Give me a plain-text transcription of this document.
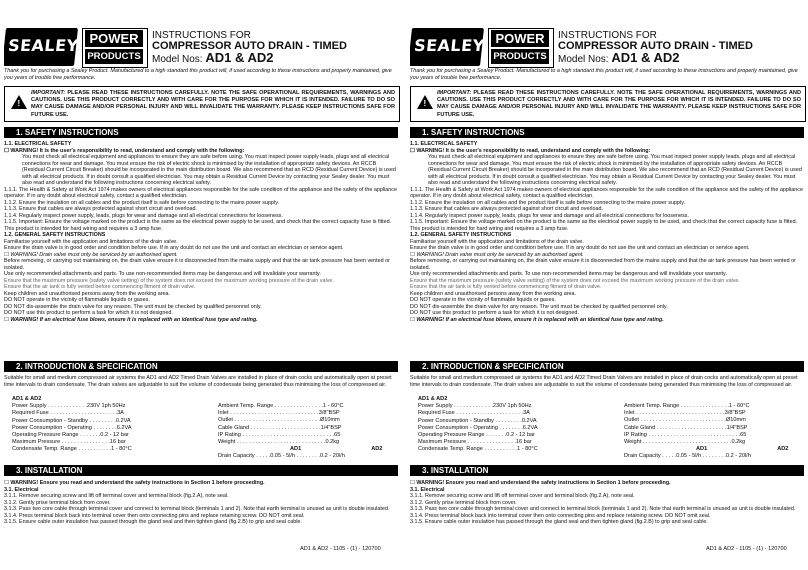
SEALEY POWER
PRODUCTS
INSTRUCTIONS FOR
COMPRESSOR AUTO DRAIN - TIMED
Model Nos: AD1 & AD2
Thank you for purchasing a Sealey Product. Manufactured to a high standard this product will, if used according to these instructions and properly maintained, give you years of trouble free performance.
!
IMPORTANT: PLEASE READ THESE INSTRUCTIONS CAREFULLY. NOTE THE SAFE OPERATIONAL REQUIREMENTS, WARNINGS AND CAUTIONS. USE THIS PRODUCT CORRECTLY AND WITH CARE FOR THE PURPOSE FOR WHICH IT IS INTENDED. FAILURE TO DO SO MAY CAUSE DAMAGE AND/OR PERSONAL INJURY AND WILL INVALIDATE THE WARRANTY. PLEASE KEEP INSTRUCTIONS SAFE FOR FUTURE USE.
1. SAFETY INSTRUCTIONS

1.1. ELECTRICAL SAFETY

☐ WARNING! It is the user's responsibility to read, understand and comply with the following:

You must check all electrical equipment and appliances to ensure they are safe before using. You must inspect power supply leads, plugs and all electrical connections for wear and damage. You must ensure the risk of electric shock is minimised by the installation of appropriate safety devices. An RCCB (Residual Current Circuit Breaker) should be incorporated in the main distribution board. We also recommend that an RCD (Residual Current Device) is used with all electrical products. If in doubt consult a qualified electrician. You may obtain a Residual Current Device by contacting your Sealey dealer. You must also read and understand the following instructions concerning electrical safety.

1.1.1. The Health & Safety at Work Act 1974 makes owners of electrical appliances responsible for the safe condition of the appliance and the safety of the appliance operator. If in any doubt about electrical safety, contact a qualified electrician.

1.1.2. Ensure the insulation on all cables and the product itself is safe before connecting to the mains power supply.

1.1.3. Ensure that cables are always protected against short circuit and overload.

1.1.4. Regularly inspect power supply, leads, plugs for wear and damage and all electrical connections for looseness.

1.1.5. Important: Ensure the voltage marked on the product is the same as the electrical power supply to be used, and check that the correct capacity fuse is fitted. This product is intended for hard wiring and requires a 3 amp fuse.

1.2. GENERAL SAFETY INSTRUCTIONS

Familiarise yourself with the application and limitations of the drain valve.

Ensure the drain valve is in good order and condition before use. If in any doubt do not use the unit and contact an electrician or service agent.

☐ WARNING! Drain valve must only be serviced by an authorised agent.

Before removing, or carrying out maintaining on, the drain valve ensure it is disconnected from the mains supply and that the air tank pressure has been vented or isolated.

Use only recommended attachments and parts. To use non-recommended items may be dangerous and will invalidate your warranty.

Ensure that the maximum pressure (safety valve setting) of the system does not exceed the maximum working pressure of the drain valve.

Ensure that the air tank is fully vented before commencing fitment of drain valve.

Keep children and unauthorised persons away from the working area.

DO NOT operate in the vicinity of flammable liquids or gases.

DO NOT dis-assemble the drain valve for any reason. The unit must be checked by qualified personnel only.

DO NOT use this product to perform a task for which it is not designed.

☐ WARNING! If an electrical fuse blows, ensure it is replaced with an identical fuse type and rating.

2. INTRODUCTION & SPECIFICATION
Suitable for small and medium compressed air systems the AD1 and AD2 Timed Drain Valves are installed in place of drain cocks and automatically open at preset time intervals to drain condensate. The drain valves are adjustable to suit the volume of condensate being generated thus minimising the loss of compressed air.
AD1 & AD2
Power Supply . . . . . . . . . . . . .230V 1ph 50Hz
Required Fuse . . . . . . . . . . . . . . . . . . . . . .3A
Power Consumption - Standby . . . . . . . . .0.2VA
Power Consumption - Operating . . . . . . . .6.2VA
Operating Pressure Range . . . . . . .0.2 - 12 bar
Maximum Pressure . . . . . . . . . . . . . . . .16 bar
Condensate Temp. Range . . . . . . . . . . .1 - 80°C
Ambient Temp. Range . . . . . . . . . . . . . . . .1 - 60°C
Inlet . . . . . . . . . . . . . . . . . . . . . . . . . . . . .3/8"BSP
Outlet . . . . . . . . . . . . . . . . . . . . . . . . . . . .Ø10mm
Cable Gland . . . . . . . . . . . . . . . . . . . . . . .1/4"BSP
IP Rating . . . . . . . . . . . . . . . . . . . . . . . . . . . . . .65
Weight . . . . . . . . . . . . . . . . . . . . . . . . . . . . .0.2kg
AD1	AD2
Drain Capacity . . . . .0.05 - 5l/h . . . . . . . .0.2 - 20l/h
3. INSTALLATION

☐ WARNING! Ensure you read and understand the safety instructions in Section 1 before proceeding.

3.1. Electrical

3.1.1. Remove securing screw and lift off terminal cover and terminal block (fig.2.A), note seal.

3.1.2. Gently prise terminal block from cover.

3.1.3. Pass two core cable through terminal cover and connect to terminal block (terminals 1 and 2). Note that earth terminal is unused as unit is double insulated.

3.1.4. Press terminal block back into terminal cover then onto connecting pins and replace retaining screw. DO NOT omit seal.

3.1.5. Ensure cable outer insulation has passed through the gland seal and then tighten gland (fig.2.B) to grip and seal cable.

AD1 & AD2 - 1105 - (1) - 120700
SEALEY POWER
PRODUCTS
INSTRUCTIONS FOR
COMPRESSOR AUTO DRAIN - TIMED
Model Nos: AD1 & AD2
Thank you for purchasing a Sealey Product. Manufactured to a high standard this product will, if used according to these instructions and properly maintained, give you years of trouble free performance.
!
IMPORTANT: PLEASE READ THESE INSTRUCTIONS CAREFULLY. NOTE THE SAFE OPERATIONAL REQUIREMENTS, WARNINGS AND CAUTIONS. USE THIS PRODUCT CORRECTLY AND WITH CARE FOR THE PURPOSE FOR WHICH IT IS INTENDED. FAILURE TO DO SO MAY CAUSE DAMAGE AND/OR PERSONAL INJURY AND WILL INVALIDATE THE WARRANTY. PLEASE KEEP INSTRUCTIONS SAFE FOR FUTURE USE.
1. SAFETY INSTRUCTIONS

1.1. ELECTRICAL SAFETY

☐ WARNING! It is the user's responsibility to read, understand and comply with the following:

You must check all electrical equipment and appliances to ensure they are safe before using. You must inspect power supply leads, plugs and all electrical connections for wear and damage. You must ensure the risk of electric shock is minimised by the installation of appropriate safety devices. An RCCB (Residual Current Circuit Breaker) should be incorporated in the main distribution board. We also recommend that an RCD (Residual Current Device) is used with all electrical products. If in doubt consult a qualified electrician. You may obtain a Residual Current Device by contacting your Sealey dealer. You must also read and understand the following instructions concerning electrical safety.

1.1.1. The Health & Safety at Work Act 1974 makes owners of electrical appliances responsible for the safe condition of the appliance and the safety of the appliance operator. If in any doubt about electrical safety, contact a qualified electrician.

1.1.2. Ensure the insulation on all cables and the product itself is safe before connecting to the mains power supply.

1.1.3. Ensure that cables are always protected against short circuit and overload.

1.1.4. Regularly inspect power supply, leads, plugs for wear and damage and all electrical connections for looseness.

1.1.5. Important: Ensure the voltage marked on the product is the same as the electrical power supply to be used, and check that the correct capacity fuse is fitted. This product is intended for hard wiring and requires a 3 amp fuse.

1.2. GENERAL SAFETY INSTRUCTIONS

Familiarise yourself with the application and limitations of the drain valve.

Ensure the drain valve is in good order and condition before use. If in any doubt do not use the unit and contact an electrician or service agent.

☐ WARNING! Drain valve must only be serviced by an authorised agent.

Before removing, or carrying out maintaining on, the drain valve ensure it is disconnected from the mains supply and that the air tank pressure has been vented or isolated.

Use only recommended attachments and parts. To use non-recommended items may be dangerous and will invalidate your warranty.

Ensure that the maximum pressure (safety valve setting) of the system does not exceed the maximum working pressure of the drain valve.

Ensure that the air tank is fully vented before commencing fitment of drain valve.

Keep children and unauthorised persons away from the working area.

DO NOT operate in the vicinity of flammable liquids or gases.

DO NOT dis-assemble the drain valve for any reason. The unit must be checked by qualified personnel only.

DO NOT use this product to perform a task for which it is not designed.

☐ WARNING! If an electrical fuse blows, ensure it is replaced with an identical fuse type and rating.

2. INTRODUCTION & SPECIFICATION
Suitable for small and medium compressed air systems the AD1 and AD2 Timed Drain Valves are installed in place of drain cocks and automatically open at preset time intervals to drain condensate. The drain valves are adjustable to suit the volume of condensate being generated thus minimising the loss of compressed air.
AD1 & AD2
Power Supply . . . . . . . . . . . . .230V 1ph 50Hz
Required Fuse . . . . . . . . . . . . . . . . . . . . . .3A
Power Consumption - Standby . . . . . . . . .0.2VA
Power Consumption - Operating . . . . . . . .6.2VA
Operating Pressure Range . . . . . . .0.2 - 12 bar
Maximum Pressure . . . . . . . . . . . . . . . .16 bar
Condensate Temp. Range . . . . . . . . . . .1 - 80°C
Ambient Temp. Range . . . . . . . . . . . . . . . .1 - 60°C
Inlet . . . . . . . . . . . . . . . . . . . . . . . . . . . . .3/8"BSP
Outlet . . . . . . . . . . . . . . . . . . . . . . . . . . . .Ø10mm
Cable Gland . . . . . . . . . . . . . . . . . . . . . . .1/4"BSP
IP Rating . . . . . . . . . . . . . . . . . . . . . . . . . . . . . .65
Weight . . . . . . . . . . . . . . . . . . . . . . . . . . . . .0.2kg
AD1	AD2
Drain Capacity . . . . .0.05 - 5l/h . . . . . . . .0.2 - 20l/h
3. INSTALLATION

☐ WARNING! Ensure you read and understand the safety instructions in Section 1 before proceeding.

3.1. Electrical

3.1.1. Remove securing screw and lift off terminal cover and terminal block (fig.2.A), note seal.

3.1.2. Gently prise terminal block from cover.

3.1.3. Pass two core cable through terminal cover and connect to terminal block (terminals 1 and 2). Note that earth terminal is unused as unit is double insulated.

3.1.4. Press terminal block back into terminal cover then onto connecting pins and replace retaining screw. DO NOT omit seal.

3.1.5. Ensure cable outer insulation has passed through the gland seal and then tighten gland (fig.2.B) to grip and seal cable.

AD1 & AD2 - 1105 - (1) - 120700
